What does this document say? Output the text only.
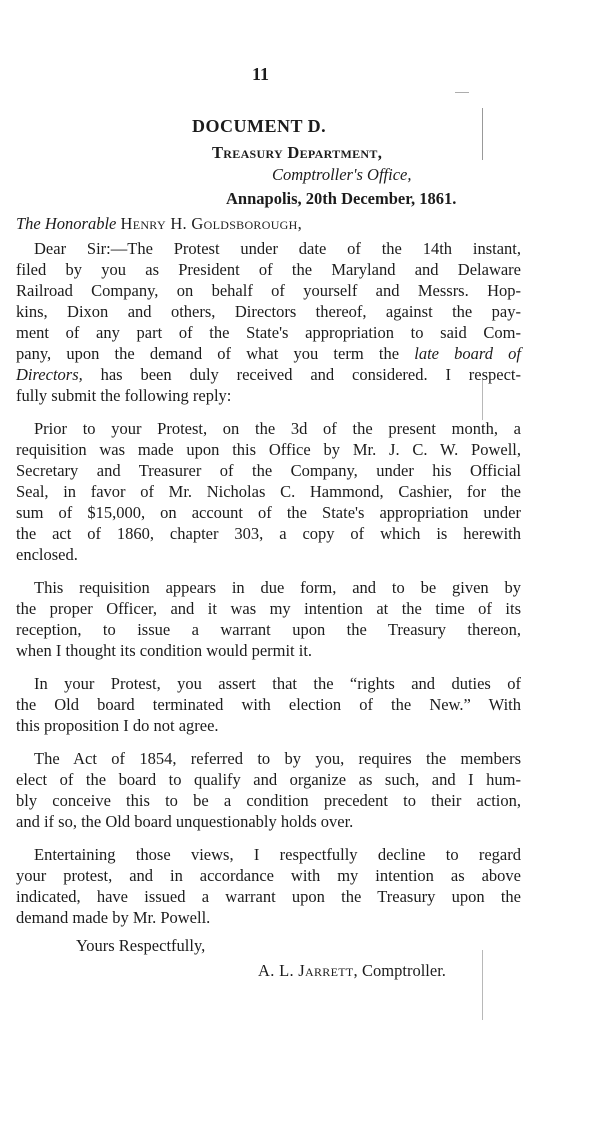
11
DOCUMENT D.
Treasury Department,
Comptroller's Office,
Annapolis, 20th December, 1861.
The Honorable Henry H. Goldsborough,
Dear Sir:—The Protest under date of the 14th instant,
filed by you as President of the Maryland and Delaware
Railroad Company, on behalf of yourself and Messrs. Hop-
kins, Dixon and others, Directors thereof, against the pay-
ment of any part of the State's appropriation to said Com-
pany, upon the demand of what you term the late board of
Directors, has been duly received and considered. I respect-
fully submit the following reply:
Prior to your Protest, on the 3d of the present month, a
requisition was made upon this Office by Mr. J. C. W. Powell,
Secretary and Treasurer of the Company, under his Official
Seal, in favor of Mr. Nicholas C. Hammond, Cashier, for the
sum of $15,000, on account of the State's appropriation under
the act of 1860, chapter 303, a copy of which is herewith
enclosed.
This requisition appears in due form, and to be given by
the proper Officer, and it was my intention at the time of its
reception, to issue a warrant upon the Treasury thereon,
when I thought its condition would permit it.
In your Protest, you assert that the “rights and duties of
the Old board terminated with election of the New.” With
this proposition I do not agree.
The Act of 1854, referred to by you, requires the members
elect of the board to qualify and organize as such, and I hum-
bly conceive this to be a condition precedent to their action,
and if so, the Old board unquestionably holds over.
Entertaining those views, I respectfully decline to regard
your protest, and in accordance with my intention as above
indicated, have issued a warrant upon the Treasury upon the
demand made by Mr. Powell.
Yours Respectfully,
A. L. Jarrett, Comptroller.
